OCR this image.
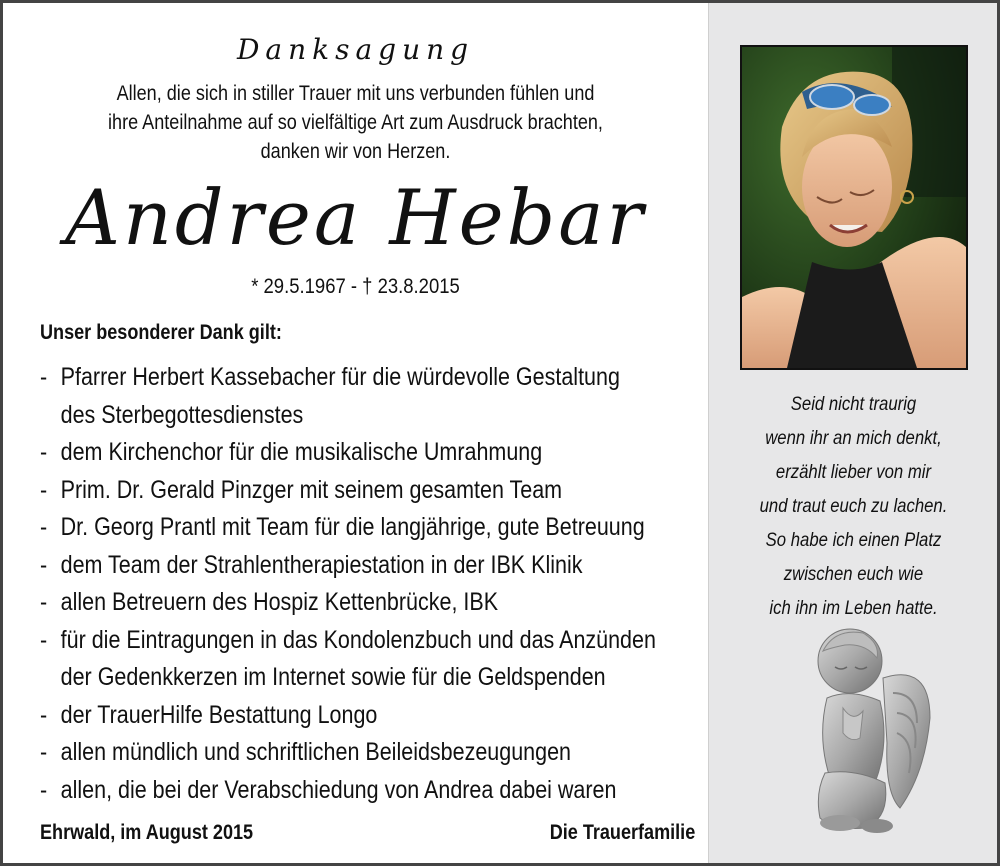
Danksagung
Allen, die sich in stiller Trauer mit uns verbunden fühlen und
ihre Anteilnahme auf so vielfältige Art zum Ausdruck brachten,
danken wir von Herzen.
Andrea Hebar
* 29.5.1967 - † 23.8.2015
Unser besonderer Dank gilt:
- Pfarrer Herbert Kassebacher für die würdevolle Gestaltung
des Sterbegottesdienstes
- dem Kirchenchor für die musikalische Umrahmung
- Prim. Dr. Gerald Pinzger mit seinem gesamten Team
- Dr. Georg Prantl mit Team für die langjährige, gute Betreuung
- dem Team der Strahlentherapiestation in der IBK Klinik
- allen Betreuern des Hospiz Kettenbrücke, IBK
- für die Eintragungen in das Kondolenzbuch und das Anzünden
der Gedenkkerzen im Internet sowie für die Geldspenden
- der TrauerHilfe Bestattung Longo
- allen mündlich und schriftlichen Beileidsbezeugungen
- allen, die bei der Verabschiedung von Andrea dabei waren
Ehrwald, im August 2015	Die Trauerfamilie
Seid nicht traurig
wenn ihr an mich denkt,
erzählt lieber von mir
und traut euch zu lachen.
So habe ich einen Platz
zwischen euch wie
ich ihn im Leben hatte.
